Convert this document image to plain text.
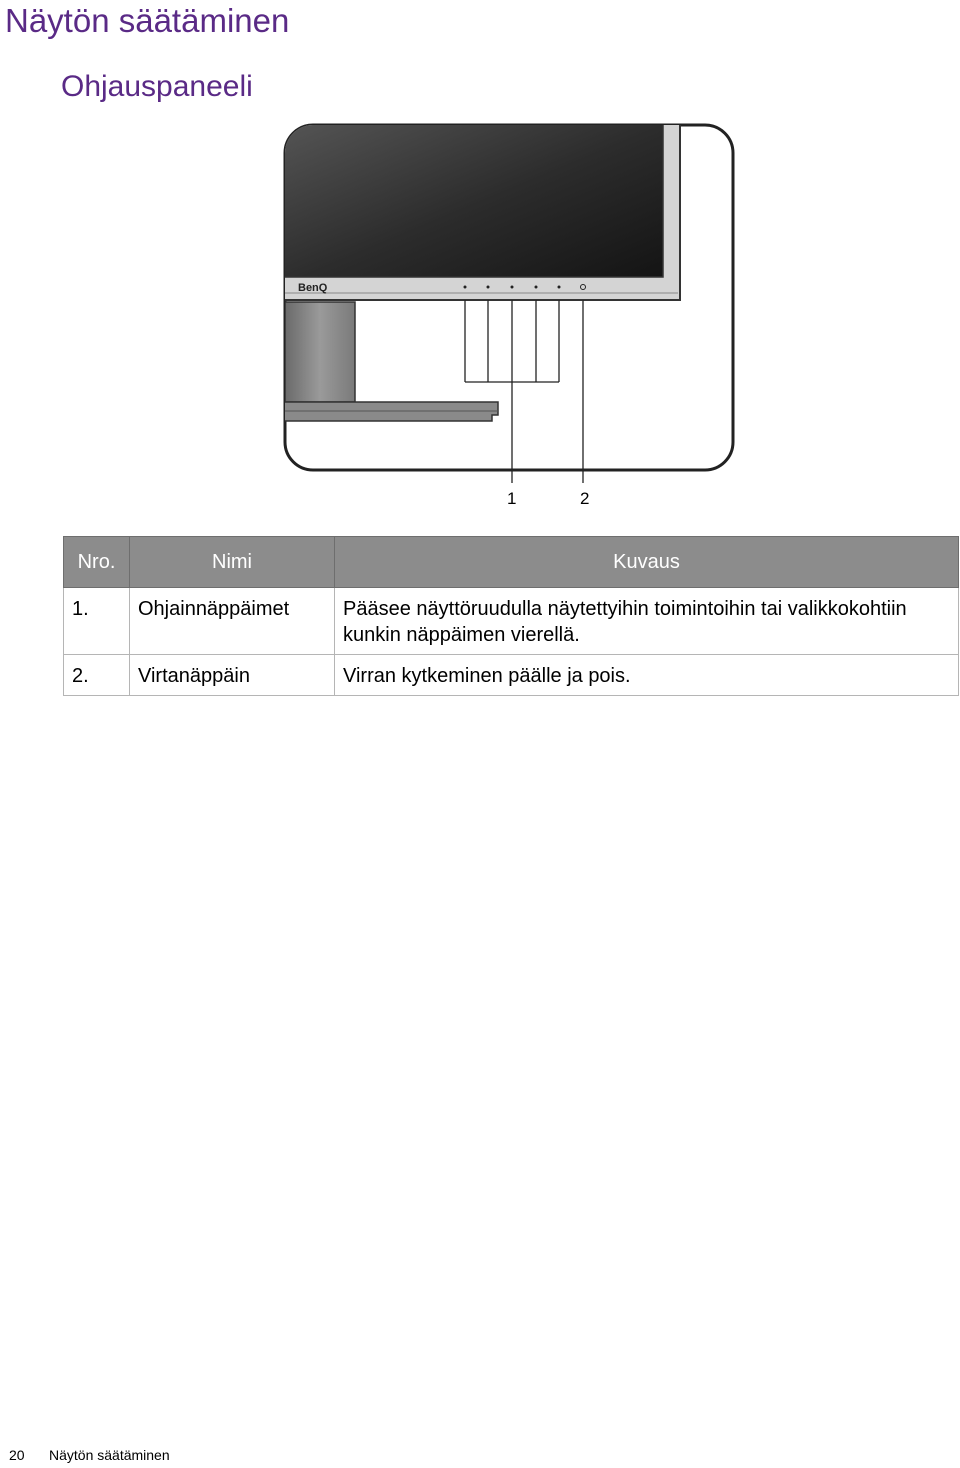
Näytön säätäminen
Ohjauspaneeli
BenQ
1	2
Nro.	Nimi	Kuvaus
1.	Ohjainnäppäimet	Pääsee näyttöruudulla näytettyihin toimintoihin tai valikkokohtiin kunkin näppäimen vierellä.
2.	Virtanäppäin	Virran kytkeminen päälle ja pois.
20 Näytön säätäminen
